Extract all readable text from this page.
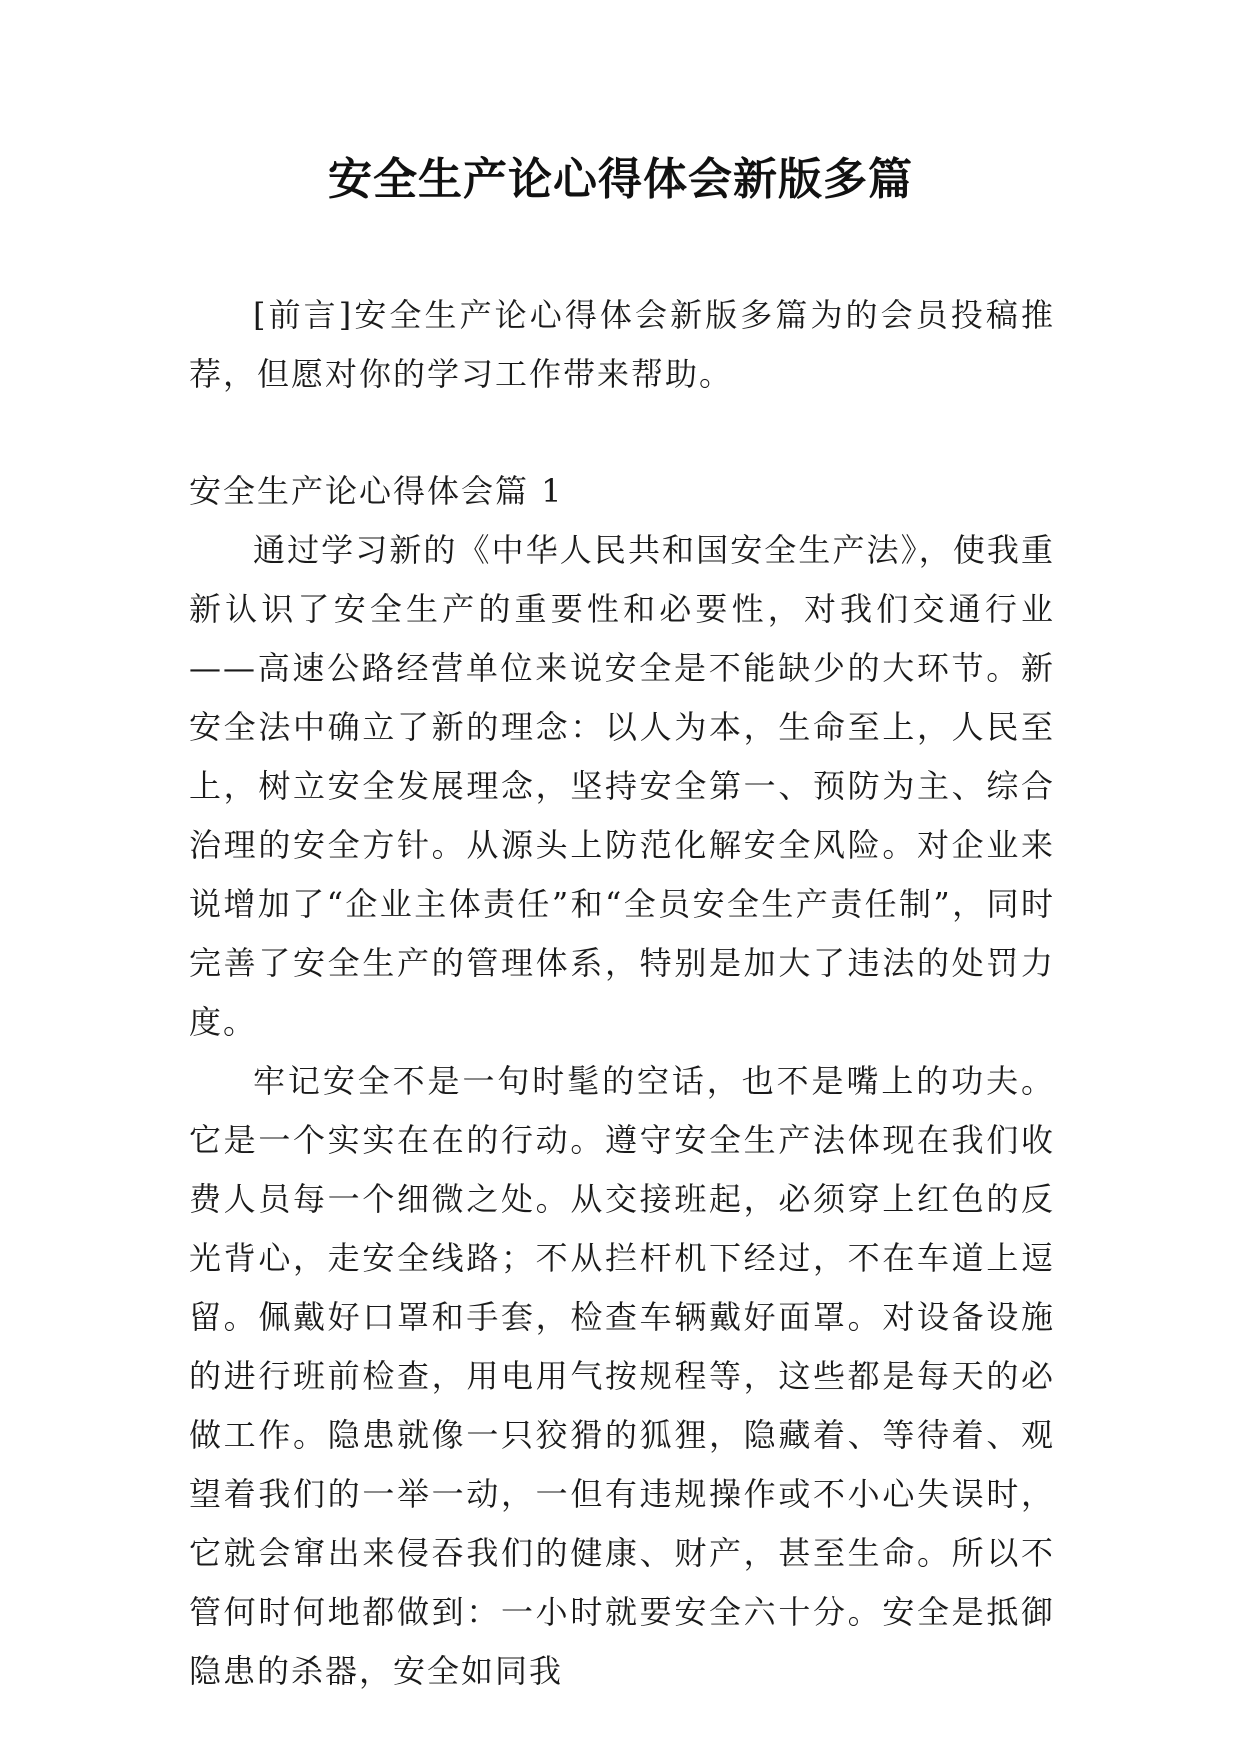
安全生产论心得体会新版多篇

[前言]安全生产论心得体会新版多篇为的会员投稿推荐，但愿对你的学习工作带来帮助。

安全生产论心得体会篇 1

通过学习新的《中华人民共和国安全生产法》，使我重新认识了安全生产的重要性和必要性，对我们交通行业——高速公路经营单位来说安全是不能缺少的大环节。新安全法中确立了新的理念：以人为本，生命至上，人民至上，树立安全发展理念，坚持安全第一、预防为主、综合治理的安全方针。从源头上防范化解安全风险。对企业来说增加了“企业主体责任”和“全员安全生产责任制”，同时完善了安全生产的管理体系，特别是加大了违法的处罚力度。

牢记安全不是一句时髦的空话，也不是嘴上的功夫。它是一个实实在在的行动。遵守安全生产法体现在我们收费人员每一个细微之处。从交接班起，必须穿上红色的反光背心，走安全线路；不从拦杆机下经过，不在车道上逗留。佩戴好口罩和手套，检查车辆戴好面罩。对设备设施的进行班前检查，用电用气按规程等，这些都是每天的必做工作。隐患就像一只狡猾的狐狸，隐藏着、等待着、观望着我们的一举一动，一但有违规操作或不小心失误时，它就会窜出来侵吞我们的健康、财产，甚至生命。所以不管何时何地都做到：一小时就要安全六十分。安全是抵御隐患的杀器，安全如同我
